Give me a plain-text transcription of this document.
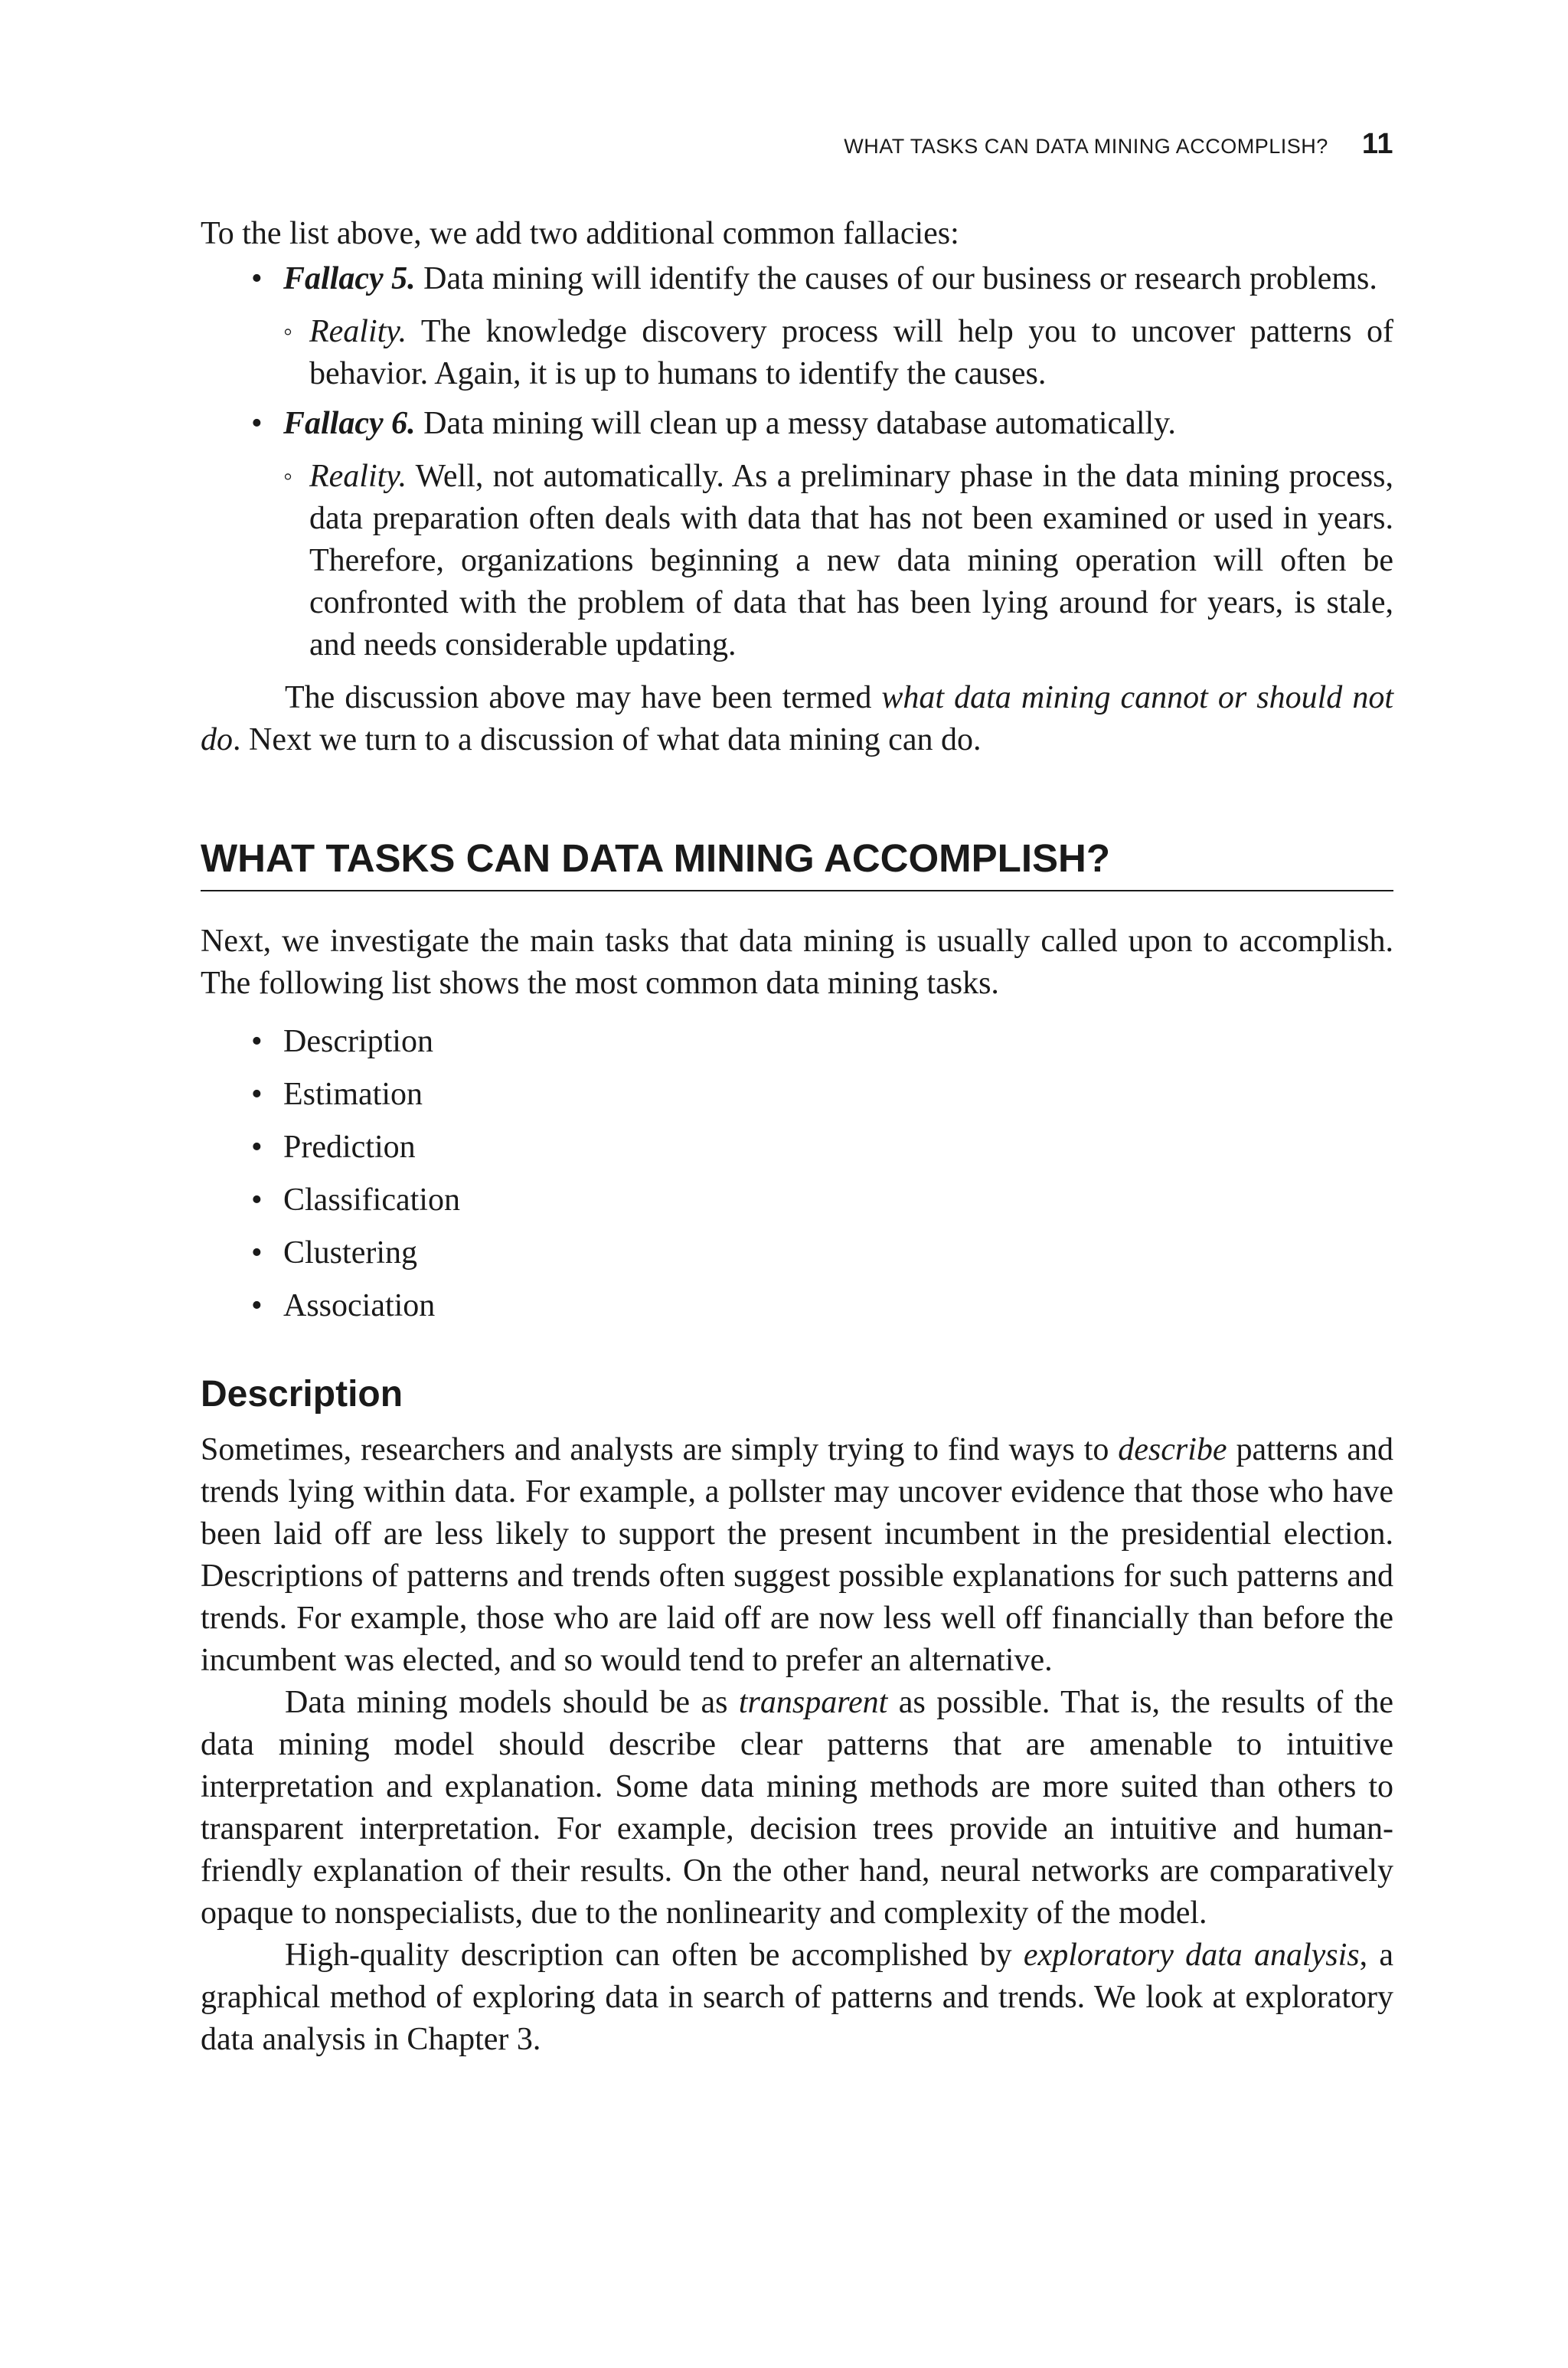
WHAT TASKS CAN DATA MINING ACCOMPLISH? 11

To the list above, we add two additional common fallacies:

• Fallacy 5. Data mining will identify the causes of our business or research problems.
◦ Reality. The knowledge discovery process will help you to uncover patterns of behavior. Again, it is up to humans to identify the causes.
• Fallacy 6. Data mining will clean up a messy database automatically.
◦ Reality. Well, not automatically. As a preliminary phase in the data mining process, data preparation often deals with data that has not been examined or used in years. Therefore, organizations beginning a new data mining operation will often be confronted with the problem of data that has been lying around for years, is stale, and needs considerable updating.

The discussion above may have been termed what data mining cannot or should not do. Next we turn to a discussion of what data mining can do.

WHAT TASKS CAN DATA MINING ACCOMPLISH?

Next, we investigate the main tasks that data mining is usually called upon to accomplish. The following list shows the most common data mining tasks.

• Description
• Estimation
• Prediction
• Classification
• Clustering
• Association
Description

Sometimes, researchers and analysts are simply trying to find ways to describe patterns and trends lying within data. For example, a pollster may uncover evidence that those who have been laid off are less likely to support the present incumbent in the presidential election. Descriptions of patterns and trends often suggest possible explanations for such patterns and trends. For example, those who are laid off are now less well off financially than before the incumbent was elected, and so would tend to prefer an alternative.

Data mining models should be as transparent as possible. That is, the results of the data mining model should describe clear patterns that are amenable to intuitive interpretation and explanation. Some data mining methods are more suited than others to transparent interpretation. For example, decision trees provide an intuitive and human-friendly explanation of their results. On the other hand, neural networks are comparatively opaque to nonspecialists, due to the nonlinearity and complexity of the model.

High-quality description can often be accomplished by exploratory data analysis, a graphical method of exploring data in search of patterns and trends. We look at exploratory data analysis in Chapter 3.
